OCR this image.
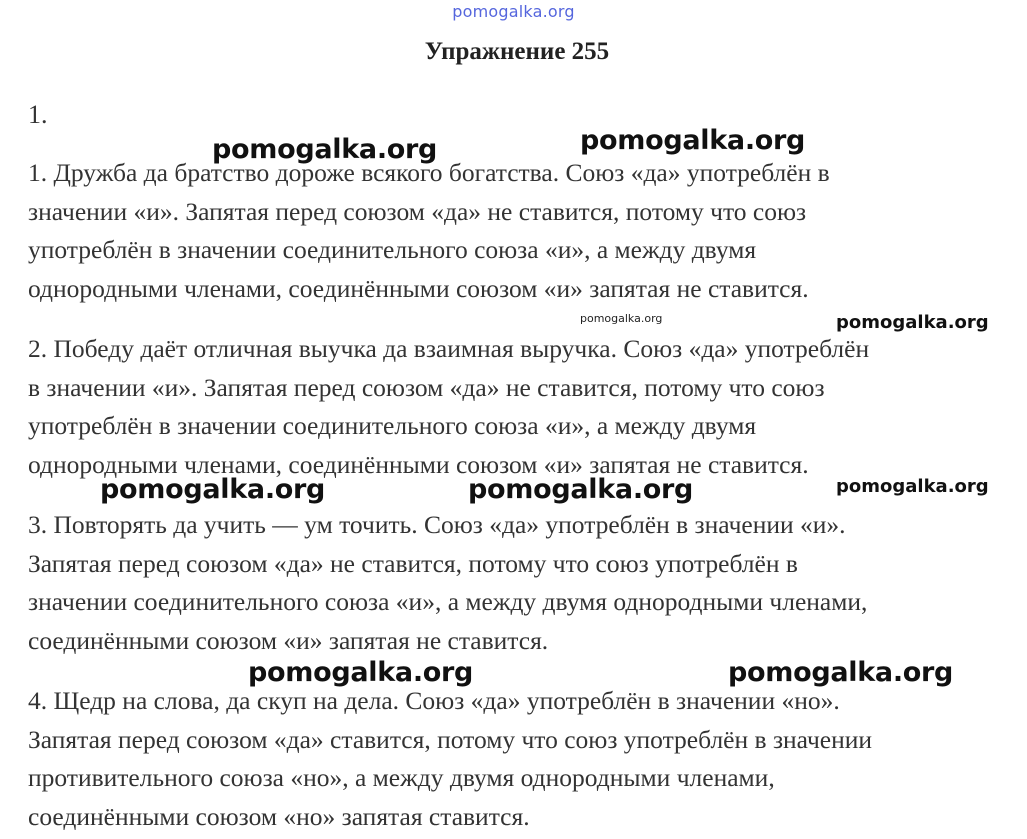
pomogalka.org
Упражнение 255
1.
1. Дружба да братство дороже всякого богатства. Союз «да» употреблён в
значении «и». Запятая перед союзом «да» не ставится, потому что союз
употреблён в значении соединительного союза «и», а между двумя
однородными членами, соединёнными союзом «и» запятая не ставится.
2. Победу даёт отличная выучка да взаимная выручка. Союз «да» употреблён
в значении «и». Запятая перед союзом «да» не ставится, потому что союз
употреблён в значении соединительного союза «и», а между двумя
однородными членами, соединёнными союзом «и» запятая не ставится.
3. Повторять да учить — ум точить. Союз «да» употреблён в значении «и».
Запятая перед союзом «да» не ставится, потому что союз употреблён в
значении соединительного союза «и», а между двумя однородными членами,
соединёнными союзом «и» запятая не ставится.
4. Щедр на слова, да скуп на дела. Союз «да» употреблён в значении «но».
Запятая перед союзом «да» ставится, потому что союз употреблён в значении
противительного союза «но», а между двумя однородными членами,
соединёнными союзом «но» запятая ставится.
pomogalka.org	pomogalka.org
pomogalka.org	pomogalka.org
pomogalka.org	pomogalka.org	pomogalka.org
pomogalka.org	pomogalka.org
